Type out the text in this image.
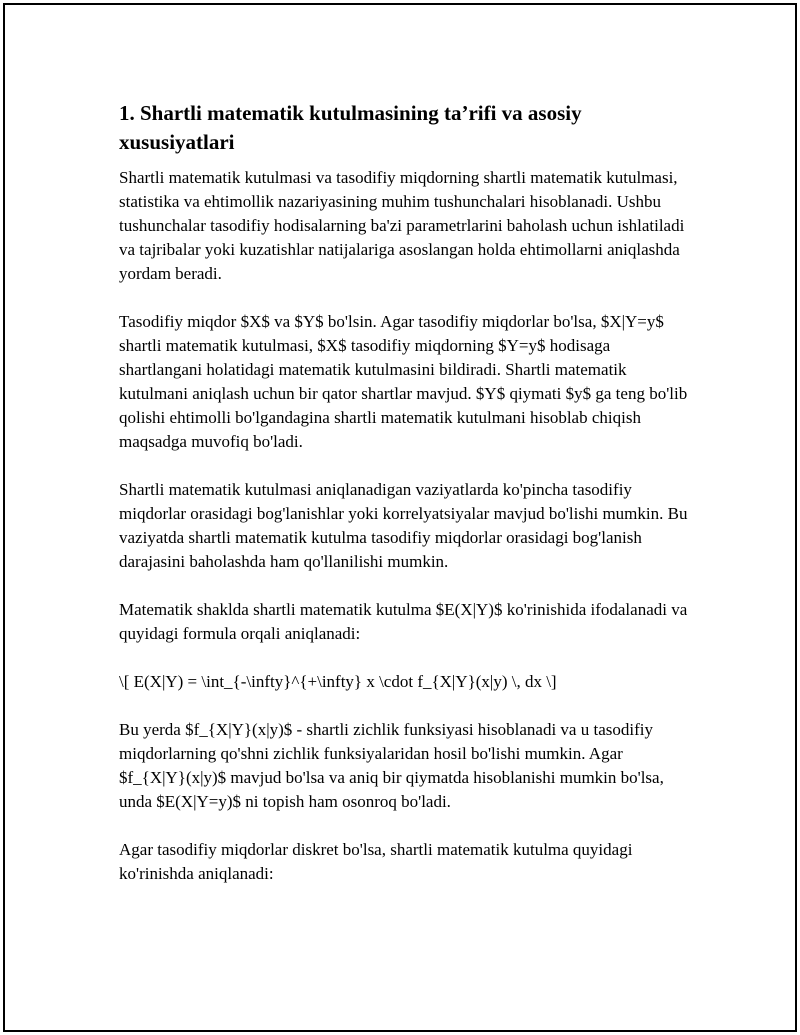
1. Shartli matematik kutulmasining ta’rifi va asosiy xususiyatlari

Shartli matematik kutulmasi va tasodifiy miqdorning shartli matematik kutulmasi, statistika va ehtimollik nazariyasining muhim tushunchalari hisoblanadi. Ushbu tushunchalar tasodifiy hodisalarning ba'zi parametrlarini baholash uchun ishlatiladi va tajribalar yoki kuzatishlar natijalariga asoslangan holda ehtimollarni aniqlashda yordam beradi.

Tasodifiy miqdor $X$ va $Y$ bo'lsin. Agar tasodifiy miqdorlar bo'lsa, $X|Y=y$ shartli matematik kutulmasi, $X$ tasodifiy miqdorning $Y=y$ hodisaga shartlangani holatidagi matematik kutulmasini bildiradi. Shartli matematik kutulmani aniqlash uchun bir qator shartlar mavjud. $Y$ qiymati $y$ ga teng bo'lib qolishi ehtimolli bo'lgandagina shartli matematik kutulmani hisoblab chiqish maqsadga muvofiq bo'ladi.

Shartli matematik kutulmasi aniqlanadigan vaziyatlarda ko'pincha tasodifiy miqdorlar orasidagi bog'lanishlar yoki korrelyatsiyalar mavjud bo'lishi mumkin. Bu vaziyatda shartli matematik kutulma tasodifiy miqdorlar orasidagi bog'lanish darajasini baholashda ham qo'llanilishi mumkin.

Matematik shaklda shartli matematik kutulma $E(X|Y)$ ko'rinishida ifodalanadi va quyidagi formula orqali aniqlanadi:

\[ E(X|Y) = \int_{-\infty}^{+\infty} x \cdot f_{X|Y}(x|y) \, dx \]

Bu yerda $f_{X|Y}(x|y)$ - shartli zichlik funksiyasi hisoblanadi va u tasodifiy miqdorlarning qo'shni zichlik funksiyalaridan hosil bo'lishi mumkin. Agar $f_{X|Y}(x|y)$ mavjud bo'lsa va aniq bir qiymatda hisoblanishi mumkin bo'lsa, unda $E(X|Y=y)$ ni topish ham osonroq bo'ladi.

Agar tasodifiy miqdorlar diskret bo'lsa, shartli matematik kutulma quyidagi ko'rinishda aniqlanadi:
